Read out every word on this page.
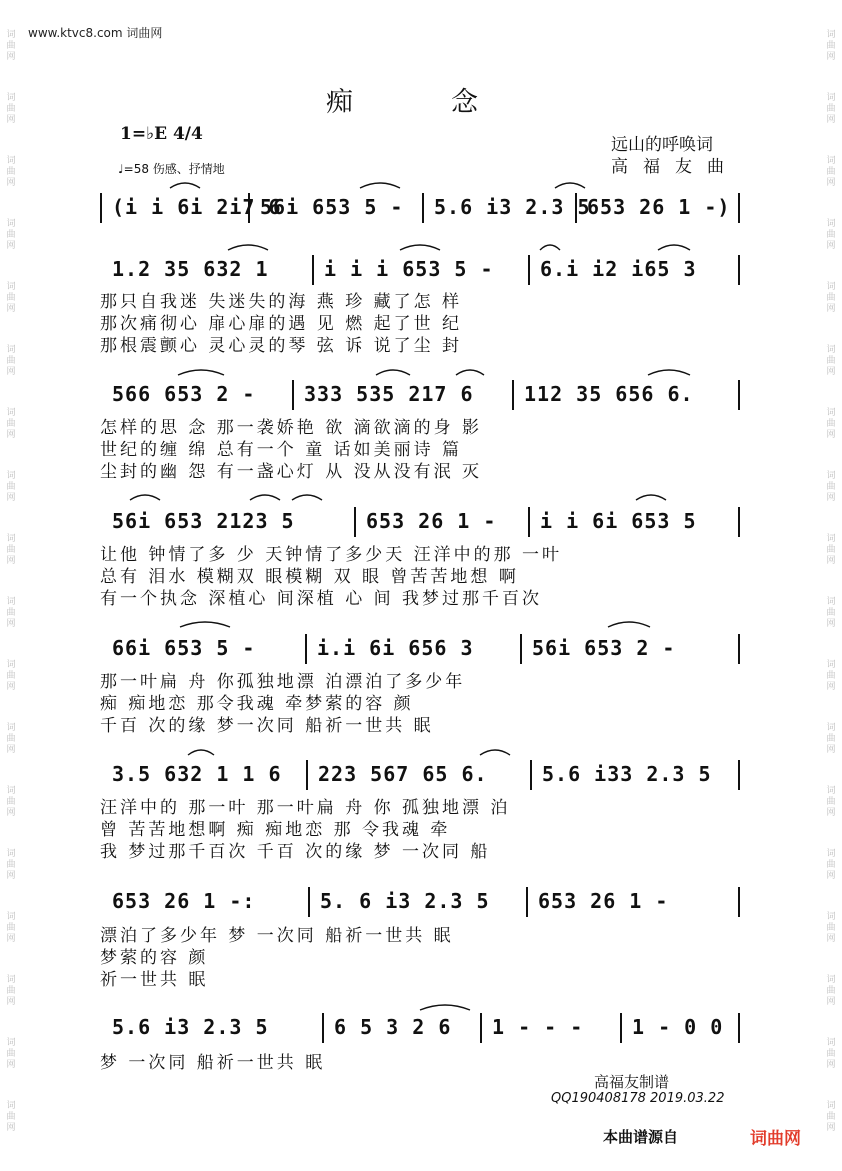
词
曲
网
词
曲
网
词
曲
网
词
曲
网
词
曲
网
词
曲
网
词
曲
网
词
曲
网
词
曲
网
词
曲
网
词
曲
网
词
曲
网
词
曲
网
词
曲
网
词
曲
网
词
曲
网
词
曲
网
词
曲
网
词
曲
网
词
曲
网
词
曲
网
词
曲
网
词
曲
网
词
曲
网
词
曲
网
词
曲
网
词
曲
网
词
曲
网
词
曲
网
词
曲
网
词
曲
网
词
曲
网
词
曲
网
词
曲
网
词
曲
网
词
曲
网
www.ktvc8.com 词曲网
痴念
1=♭E 4/4
♩=58 伤感、抒情地
远山的呼唤词
高福友曲
(i i 6i 2i7 6
56i 653 5 - 5.6 i3 2.3 5
653 26 1 -)
1.2 35 632 1	i i i 653 5 - 6.i i2 i65 3
566 653 2 - 333 535 217 6	112 35 656 6.
56i 653 2123 5	653 26 1 - i i 6i 653 5
66i 653 5 -	i.i 6i 656 3	56i 653 2 -
3.5 632 1 1 6 223 567 65 6.	5.6 i33 2.3 5
653 26 1 -:	5. 6 i3 2.3 5 653 26 1 -
5.6 i3 2.3 5	6 5 3 2 6 1 - - - 1 - 0 0
那只自我迷 失迷失的海 燕 珍 藏了怎 样
那次痛彻心 扉心扉的遇 见 燃 起了世 纪
那根震颤心 灵心灵的琴 弦 诉 说了尘 封
怎样的思 念 那一袭娇艳 欲 滴欲滴的身 影
世纪的缠 绵 总有一个 童 话如美丽诗 篇
尘封的幽 怨 有一盏心灯 从 没从没有泯 灭
让他 钟情了多 少 天钟情了多少天 汪洋中的那 一叶
总有 泪水 模糊双 眼模糊 双 眼 曾苦苦地想 啊
有一个执念 深植心 间深植 心 间 我梦过那千百次
那一叶扁 舟 你孤独地漂 泊漂泊了多少年
痴 痴地恋 那令我魂 牵梦萦的容 颜
千百 次的缘 梦一次同 船祈一世共 眠
汪洋中的 那一叶 那一叶扁 舟 你 孤独地漂 泊
曾 苦苦地想啊 痴 痴地恋 那 令我魂 牵
我 梦过那千百次 千百 次的缘 梦 一次同 船
漂泊了多少年 梦 一次同 船祈一世共 眠
梦萦的容 颜
祈一世共 眠
梦 一次同 船祈一世共 眠
高福友制谱
QQ190408178 2019.03.22
本曲谱源自	词曲网
